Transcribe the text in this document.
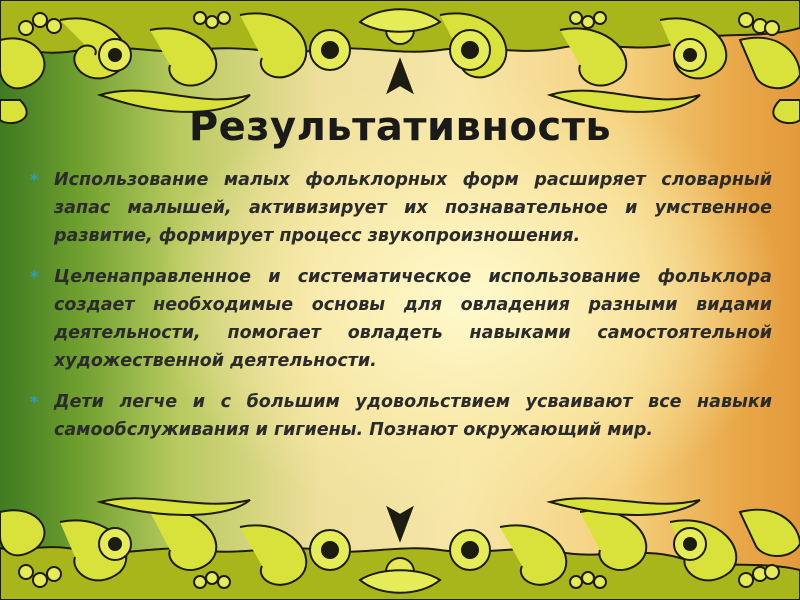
Результативность

* Использование малых фольклорных форм расширяет словарный запас малышей, активизирует их познавательное и умственное развитие, формирует процесс звукопроизношения.

* Целенаправленное и систематическое использование фольклора создает необходимые основы для овладения разными видами деятельности, помогает овладеть навыками самостоятельной художественной деятельности.

* Дети легче и с большим удовольствием усваивают все навыки самообслуживания и гигиены. Познают окружающий мир.
